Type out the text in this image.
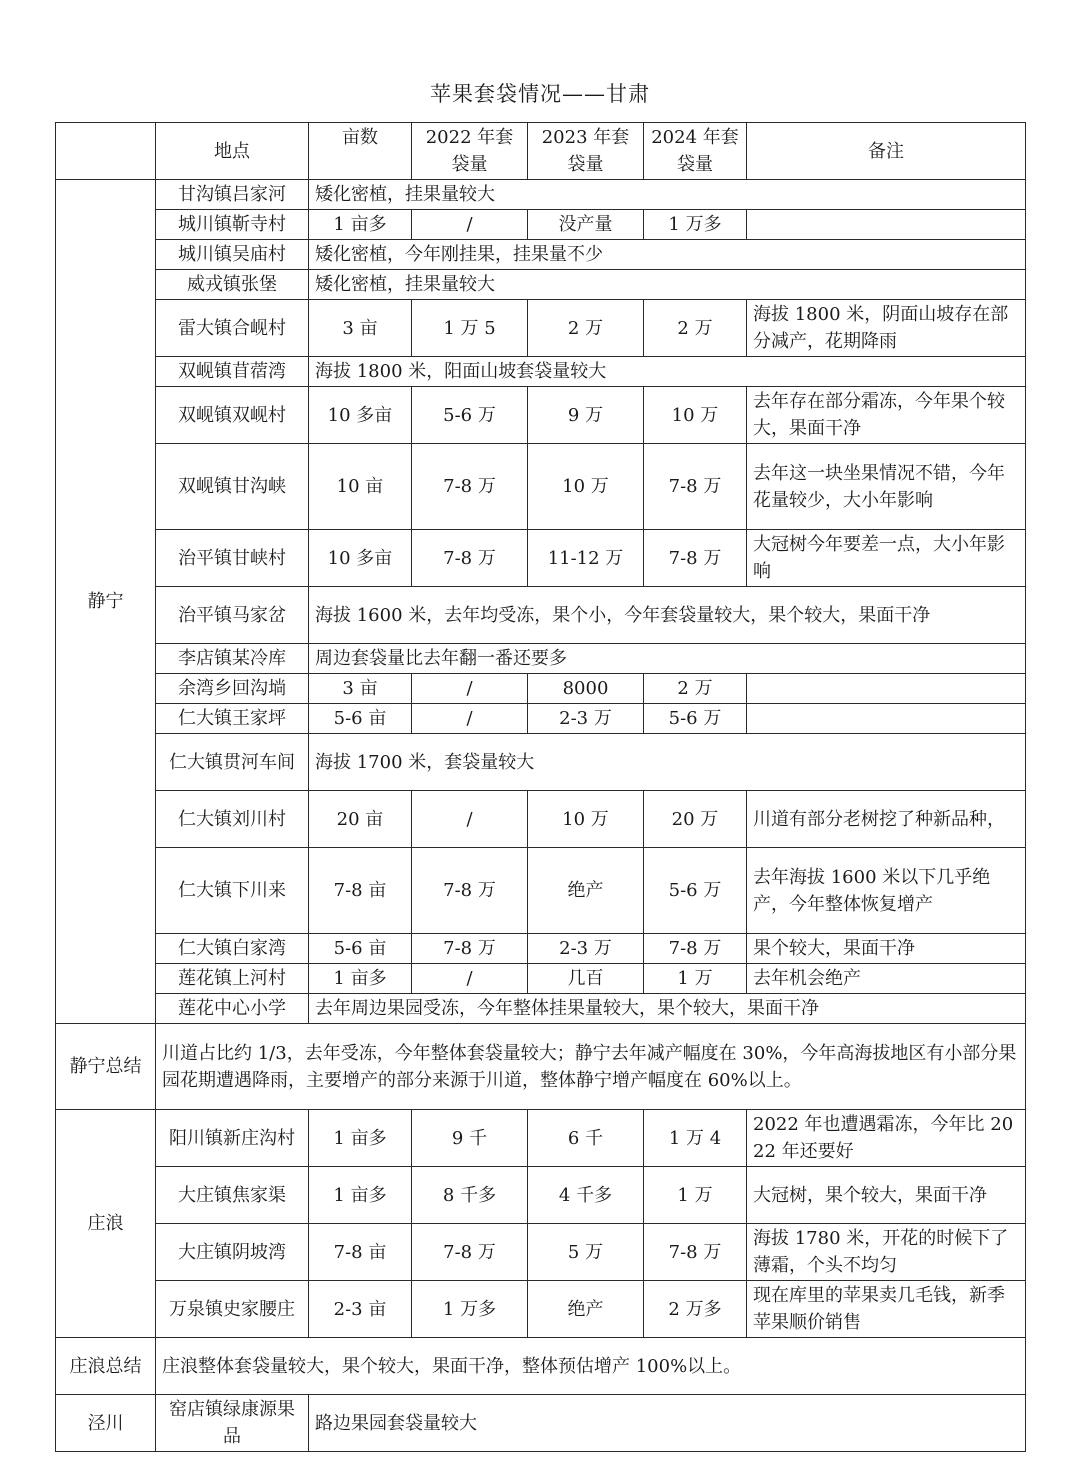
苹果套袋情况——甘肃
	地点	亩数	2022 年套袋量	2023 年套袋量	2024 年套袋量	备注
静宁	甘沟镇吕家河	矮化密植，挂果量较大				
	城川镇靳寺村	1 亩多	/	没产量	1 万多	
	城川镇吴庙村	矮化密植，今年刚挂果，挂果量不少				
	威戎镇张堡	矮化密植，挂果量较大				
	雷大镇合岘村	3 亩	1 万 5	2 万	2 万	海拔 1800 米，阴面山坡存在部分减产，花期降雨
	双岘镇苜蓿湾	海拔 1800 米，阳面山坡套袋量较大				
	双岘镇双岘村	10 多亩	5-6 万	9 万	10 万	去年存在部分霜冻，今年果个较大，果面干净
	双岘镇甘沟峡	10 亩	7-8 万	10 万	7-8 万	去年这一块坐果情况不错，今年花量较少，大小年影响
	治平镇甘峡村	10 多亩	7-8 万	11-12 万	7-8 万	大冠树今年要差一点，大小年影响
	治平镇马家岔	海拔 1600 米，去年均受冻，果个小，今年套袋量较大，果个较大，果面干净				
	李店镇某冷库	周边套袋量比去年翻一番还要多				
	余湾乡回沟埫	3 亩	/	8000	2 万	
	仁大镇王家坪	5-6 亩	/	2-3 万	5-6 万	
	仁大镇贯河车间	海拔 1700 米，套袋量较大				
	仁大镇刘川村	20 亩	/	10 万	20 万	川道有部分老树挖了种新品种，
	仁大镇下川来	7-8 亩	7-8 万	绝产	5-6 万	去年海拔 1600 米以下几乎绝产，今年整体恢复增产
	仁大镇白家湾	5-6 亩	7-8 万	2-3 万	7-8 万	果个较大，果面干净
	莲花镇上河村	1 亩多	/	几百	1 万	去年机会绝产
	莲花中心小学	去年周边果园受冻，今年整体挂果量较大，果个较大，果面干净				
静宁总结	川道占比约 1/3，去年受冻，今年整体套袋量较大；静宁去年减产幅度在 30%，今年高海拔地区有小部分果园花期遭遇降雨，主要增产的部分来源于川道，整体静宁增产幅度在 60%以上。					
庄浪	阳川镇新庄沟村	1 亩多	9 千	6 千	1 万 4	2022 年也遭遇霜冻，今年比 2022 年还要好
	大庄镇焦家渠	1 亩多	8 千多	4 千多	1 万	大冠树，果个较大，果面干净
	大庄镇阴坡湾	7-8 亩	7-8 万	5 万	7-8 万	海拔 1780 米，开花的时候下了薄霜，个头不均匀
	万泉镇史家腰庄	2-3 亩	1 万多	绝产	2 万多	现在库里的苹果卖几毛钱，新季苹果顺价销售
庄浪总结	庄浪整体套袋量较大，果个较大，果面干净，整体预估增产 100%以上。					
泾川	窑店镇绿康源果品	路边果园套袋量较大				
